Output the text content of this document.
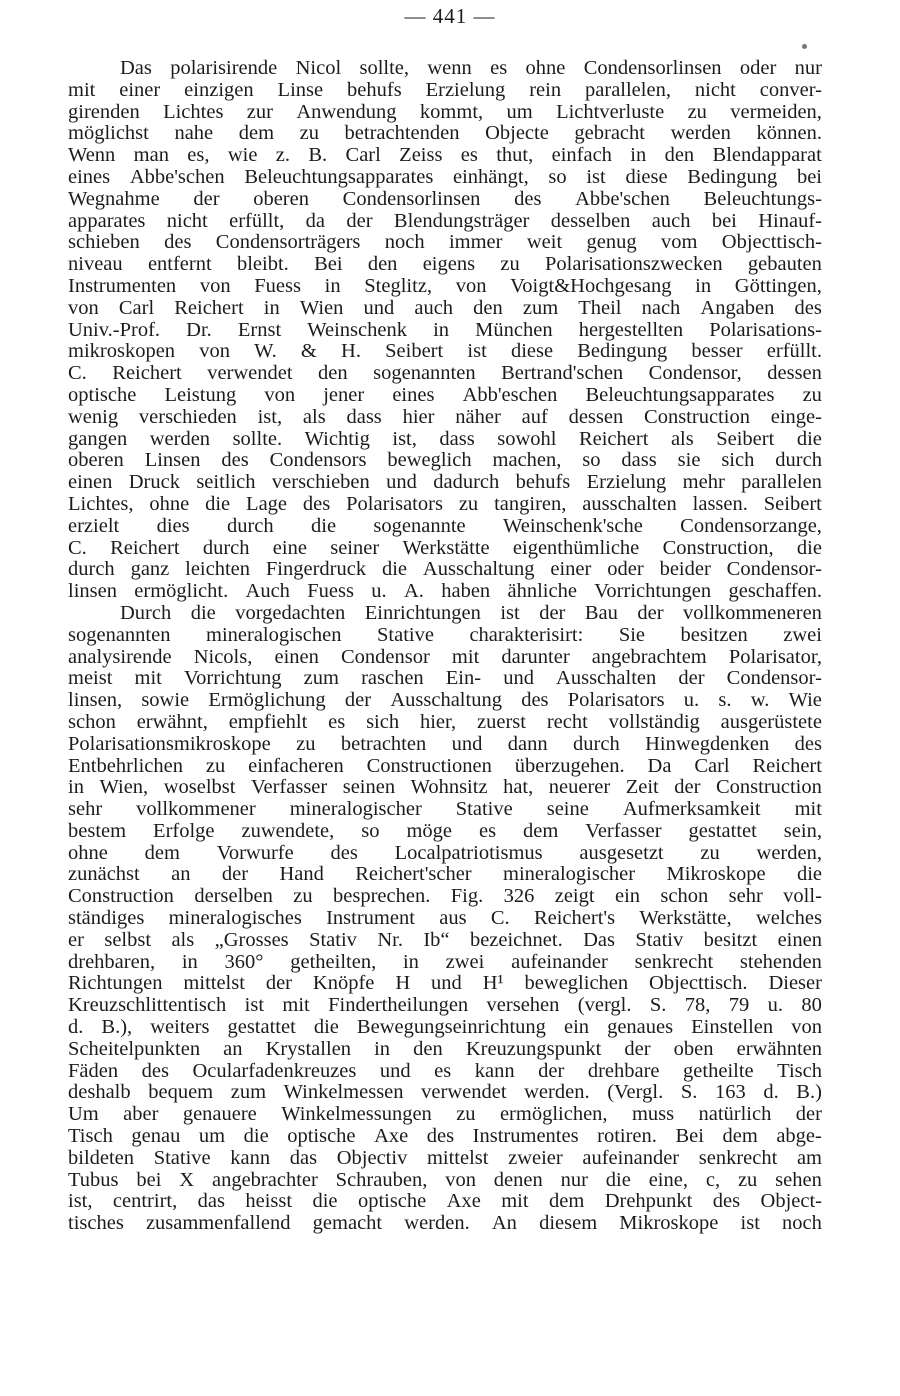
— 441 —
Das polarisirende Nicol sollte, wenn es ohne Condensorlinsen oder nur
mit einer einzigen Linse behufs Erzielung rein parallelen, nicht conver-
girenden Lichtes zur Anwendung kommt, um Lichtverluste zu vermeiden,
möglichst nahe dem zu betrachtenden Objecte gebracht werden können.
Wenn man es, wie z. B. Carl Zeiss es thut, einfach in den Blendapparat
eines Abbe'schen Beleuchtungsapparates einhängt, so ist diese Bedingung bei
Wegnahme der oberen Condensorlinsen des Abbe'schen Beleuchtungs-
apparates nicht erfüllt, da der Blendungsträger desselben auch bei Hinauf-
schieben des Condensorträgers noch immer weit genug vom Objecttisch-
niveau entfernt bleibt. Bei den eigens zu Polarisationszwecken gebauten
Instrumenten von Fuess in Steglitz, von Voigt&Hochgesang in Göttingen,
von Carl Reichert in Wien und auch den zum Theil nach Angaben des
Univ.-Prof. Dr. Ernst Weinschenk in München hergestellten Polarisations-
mikroskopen von W. & H. Seibert ist diese Bedingung besser erfüllt.
C. Reichert verwendet den sogenannten Bertrand'schen Condensor, dessen
optische Leistung von jener eines Abb'eschen Beleuchtungsapparates zu
wenig verschieden ist, als dass hier näher auf dessen Construction einge-
gangen werden sollte. Wichtig ist, dass sowohl Reichert als Seibert die
oberen Linsen des Condensors beweglich machen, so dass sie sich durch
einen Druck seitlich verschieben und dadurch behufs Erzielung mehr parallelen
Lichtes, ohne die Lage des Polarisators zu tangiren, ausschalten lassen. Seibert
erzielt dies durch die sogenannte Weinschenk'sche Condensorzange,
C. Reichert durch eine seiner Werkstätte eigenthümliche Construction, die
durch ganz leichten Fingerdruck die Ausschaltung einer oder beider Condensor-
linsen ermöglicht. Auch Fuess u. A. haben ähnliche Vorrichtungen geschaffen.
Durch die vorgedachten Einrichtungen ist der Bau der vollkommeneren
sogenannten mineralogischen Stative charakterisirt: Sie besitzen zwei
analysirende Nicols, einen Condensor mit darunter angebrachtem Polarisator,
meist mit Vorrichtung zum raschen Ein- und Ausschalten der Condensor-
linsen, sowie Ermöglichung der Ausschaltung des Polarisators u. s. w. Wie
schon erwähnt, empfiehlt es sich hier, zuerst recht vollständig ausgerüstete
Polarisationsmikroskope zu betrachten und dann durch Hinwegdenken des
Entbehrlichen zu einfacheren Constructionen überzugehen. Da Carl Reichert
in Wien, woselbst Verfasser seinen Wohnsitz hat, neuerer Zeit der Construction
sehr vollkommener mineralogischer Stative seine Aufmerksamkeit mit
bestem Erfolge zuwendete, so möge es dem Verfasser gestattet sein,
ohne dem Vorwurfe des Localpatriotismus ausgesetzt zu werden,
zunächst an der Hand Reichert'scher mineralogischer Mikroskope die
Construction derselben zu besprechen. Fig. 326 zeigt ein schon sehr voll-
ständiges mineralogisches Instrument aus C. Reichert's Werkstätte, welches
er selbst als „Grosses Stativ Nr. Ib“ bezeichnet. Das Stativ besitzt einen
drehbaren, in 360° getheilten, in zwei aufeinander senkrecht stehenden
Richtungen mittelst der Knöpfe H und H¹ beweglichen Objecttisch. Dieser
Kreuzschlittentisch ist mit Findertheilungen versehen (vergl. S. 78, 79 u. 80
d. B.), weiters gestattet die Bewegungseinrichtung ein genaues Einstellen von
Scheitelpunkten an Krystallen in den Kreuzungspunkt der oben erwähnten
Fäden des Ocularfadenkreuzes und es kann der drehbare getheilte Tisch
deshalb bequem zum Winkelmessen verwendet werden. (Vergl. S. 163 d. B.)
Um aber genauere Winkelmessungen zu ermöglichen, muss natürlich der
Tisch genau um die optische Axe des Instrumentes rotiren. Bei dem abge-
bildeten Stative kann das Objectiv mittelst zweier aufeinander senkrecht am
Tubus bei X angebrachter Schrauben, von denen nur die eine, c, zu sehen
ist, centrirt, das heisst die optische Axe mit dem Drehpunkt des Object-
tisches zusammenfallend gemacht werden. An diesem Mikroskope ist noch
